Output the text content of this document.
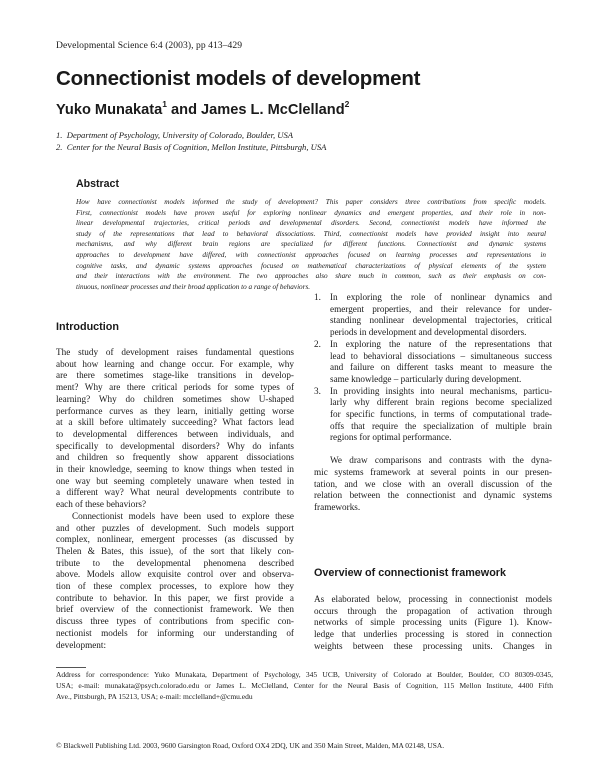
Developmental Science 6:4 (2003), pp 413–429
Connectionist models of development
Yuko Munakata$^1$ and James L. McClelland$^2$
1.  Department of Psychology, University of Colorado, Boulder, USA
2.  Center for the Neural Basis of Cognition, Mellon Institute, Pittsburgh, USA
Abstract
How have connectionist models informed the study of development? This paper considers three contributions from specific models.
First, connectionist models have proven useful for exploring nonlinear dynamics and emergent properties, and their role in non-
linear developmental trajectories, critical periods and developmental disorders. Second, connectionist models have informed the
study of the representations that lead to behavioral dissociations. Third, connectionist models have provided insight into neural
mechanisms, and why different brain regions are specialized for different functions. Connectionist and dynamic systems
approaches to development have differed, with connectionist approaches focused on learning processes and representations in
cognitive tasks, and dynamic systems approaches focused on mathematical characterizations of physical elements of the system
and their interactions with the environment. The two approaches also share much in common, such as their emphasis on con-
tinuous, nonlinear processes and their broad application to a range of behaviors.
Introduction
The study of development raises fundamental questions
about how learning and change occur. For example, why
are there sometimes stage-like transitions in develop-
ment? Why are there critical periods for some types of
learning? Why do children sometimes show U-shaped
performance curves as they learn, initially getting worse
at a skill before ultimately succeeding? What factors lead
to developmental differences between individuals, and
specifically to developmental disorders? Why do infants
and children so frequently show apparent dissociations
in their knowledge, seeming to know things when tested in
one way but seeming completely unaware when tested in
a different way? What neural developments contribute to
each of these behaviors?
Connectionist models have been used to explore these
and other puzzles of development. Such models support
complex, nonlinear, emergent processes (as discussed by
Thelen & Bates, this issue), of the sort that likely con-
tribute to the developmental phenomena described
above. Models allow exquisite control over and observa-
tion of these complex processes, to explore how they
contribute to behavior. In this paper, we first provide a
brief overview of the connectionist framework. We then
discuss three types of contributions from specific con-
nectionist models for informing our understanding of
development:
1. In exploring the role of nonlinear dynamics and
emergent properties, and their relevance for under-
standing nonlinear developmental trajectories, critical
periods in development and developmental disorders.
2. In exploring the nature of the representations that
lead to behavioral dissociations – simultaneous success
and failure on different tasks meant to measure the
same knowledge – particularly during development.
3. In providing insights into neural mechanisms, particu-
larly why different brain regions become specialized
for specific functions, in terms of computational trade-
offs that require the specialization of multiple brain
regions for optimal performance.
We draw comparisons and contrasts with the dyna-
mic systems framework at several points in our presen-
tation, and we close with an overall discussion of the
relation between the connectionist and dynamic systems
frameworks.
Overview of connectionist framework
As elaborated below, processing in connectionist models
occurs through the propagation of activation through
networks of simple processing units (Figure 1). Know-
ledge that underlies processing is stored in connection
weights between these processing units. Changes in
Address for correspondence: Yuko Munakata, Department of Psychology, 345 UCB, University of Colorado at Boulder, Boulder, CO 80309-0345,
USA; e-mail: munakata@psych.colorado.edu or James L. McClelland, Center for the Neural Basis of Cognition, 115 Mellon Institute, 4400 Fifth
Ave., Pittsburgh, PA 15213, USA; e-mail: mcclelland+@cmu.edu
© Blackwell Publishing Ltd. 2003, 9600 Garsington Road, Oxford OX4 2DQ, UK and 350 Main Street, Malden, MA 02148, USA.
